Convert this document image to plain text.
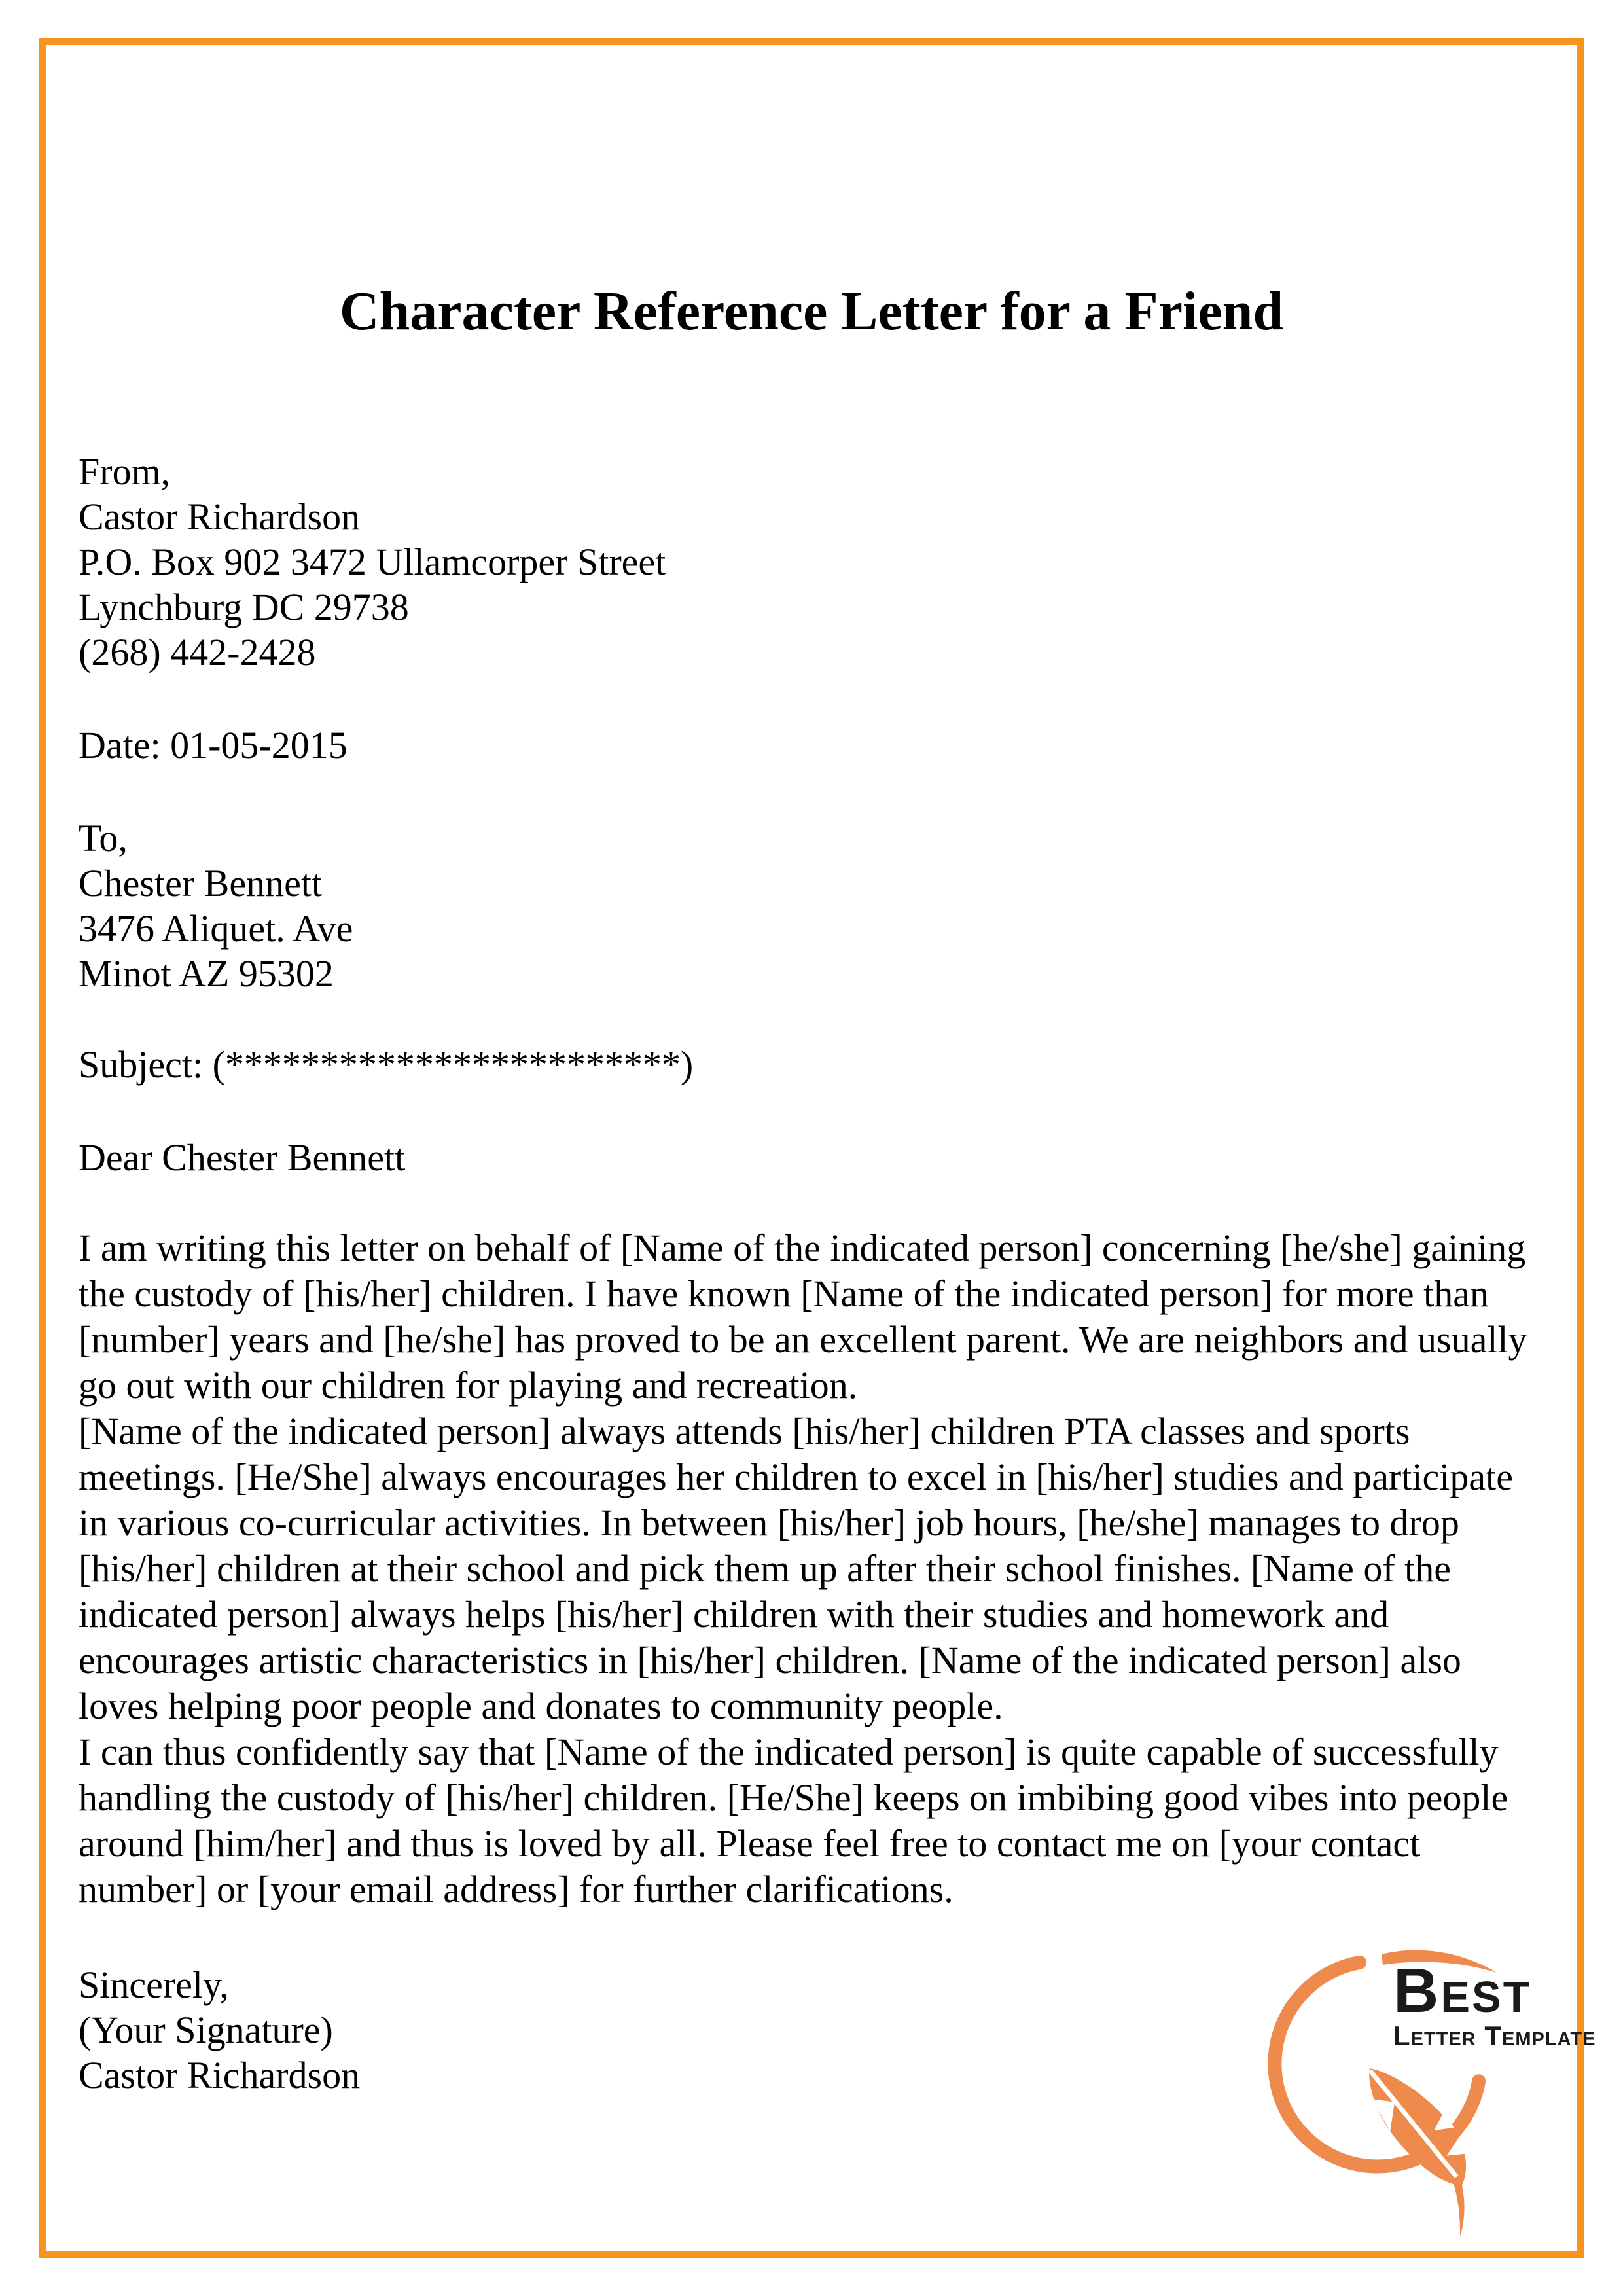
Character Reference Letter for a Friend
From,
Castor Richardson
P.O. Box 902 3472 Ullamcorper Street
Lynchburg DC 29738
(268) 442-2428
Date: 01-05-2015
To,
Chester Bennett
3476 Aliquet. Ave
Minot AZ 95302
Subject: (************************)
Dear Chester Bennett
I am writing this letter on behalf of [Name of the indicated person] concerning [he/she] gaining
the custody of [his/her] children. I have known [Name of the indicated person] for more than
[number] years and [he/she] has proved to be an excellent parent. We are neighbors and usually
go out with our children for playing and recreation.
[Name of the indicated person] always attends [his/her] children PTA classes and sports
meetings. [He/She] always encourages her children to excel in [his/her] studies and participate
in various co-curricular activities. In between [his/her] job hours, [he/she] manages to drop
[his/her] children at their school and pick them up after their school finishes. [Name of the
indicated person] always helps [his/her] children with their studies and homework and
encourages artistic characteristics in [his/her] children. [Name of the indicated person] also
loves helping poor people and donates to community people.
I can thus confidently say that [Name of the indicated person] is quite capable of successfully
handling the custody of [his/her] children. [He/She] keeps on imbibing good vibes into people
around [him/her] and thus is loved by all. Please feel free to contact me on [your contact
number] or [your email address] for further clarifications.
Sincerely,
(Your Signature)
Castor Richardson
Best
Letter Template
